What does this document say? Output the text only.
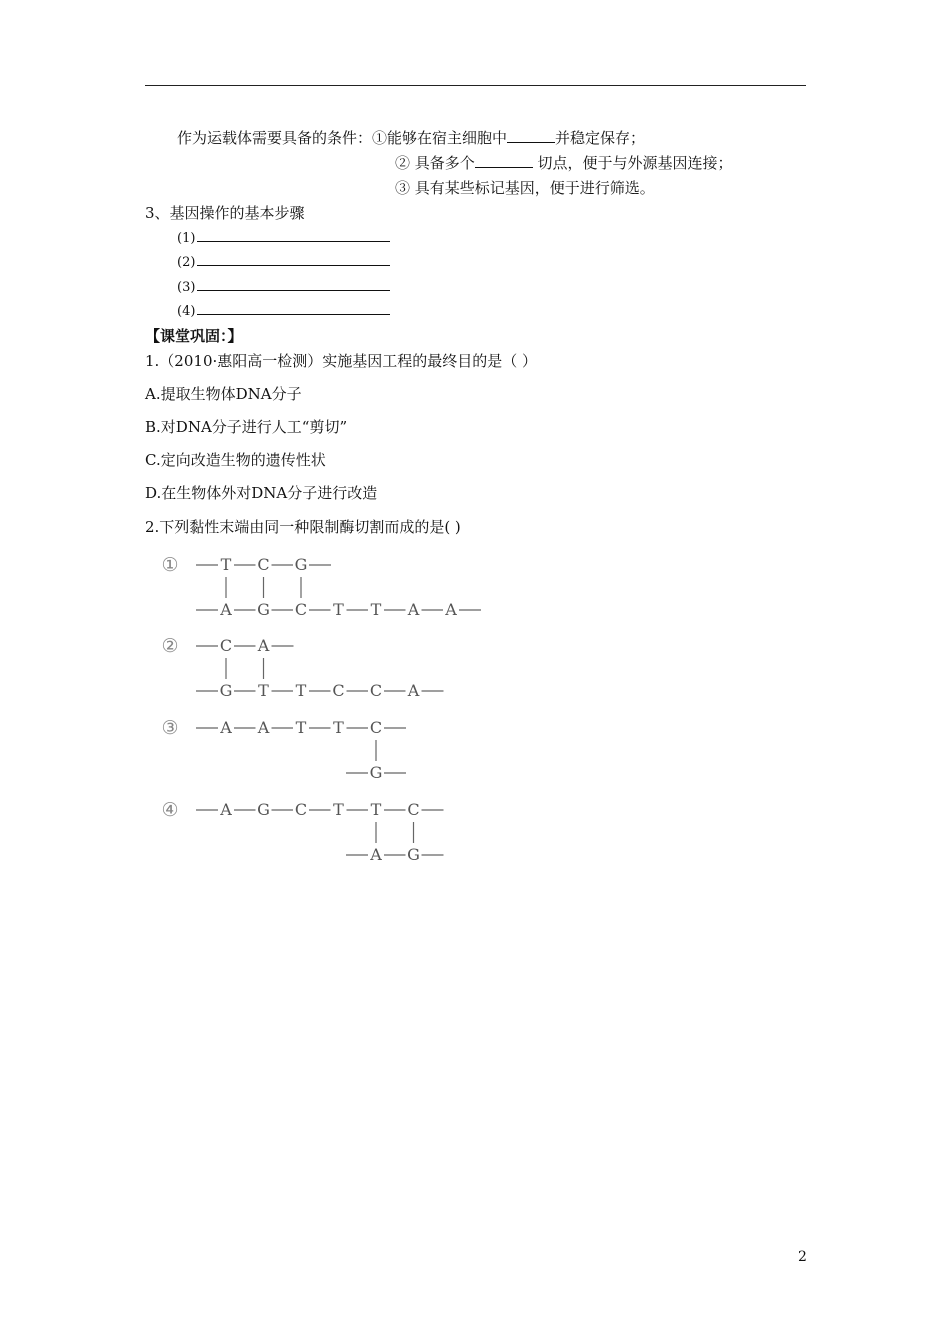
作为运载体需要具备的条件：①能够在宿主细胞中	并稳定保存；
② 具备多个	切点，便于与外源基因连接；
③ 具有某些标记基因，便于进行筛选。
3、基因操作的基本步骤
(1)
(2)
(3)
(4)
【课堂巩固：】
1.（2010·惠阳高一检测）实施基因工程的最终目的是（ ）
A.提取生物体DNA分子
B.对DNA分子进行人工“剪切”
C.定向改造生物的遗传性状
D.在生物体外对DNA分子进行改造
2.下列黏性末端由同一种限制酶切割而成的是( )
①	T C G
A G C T T A A
②	C A
G T T C C A
③	A A T T C
G
④	A G C T T C
A G
2
